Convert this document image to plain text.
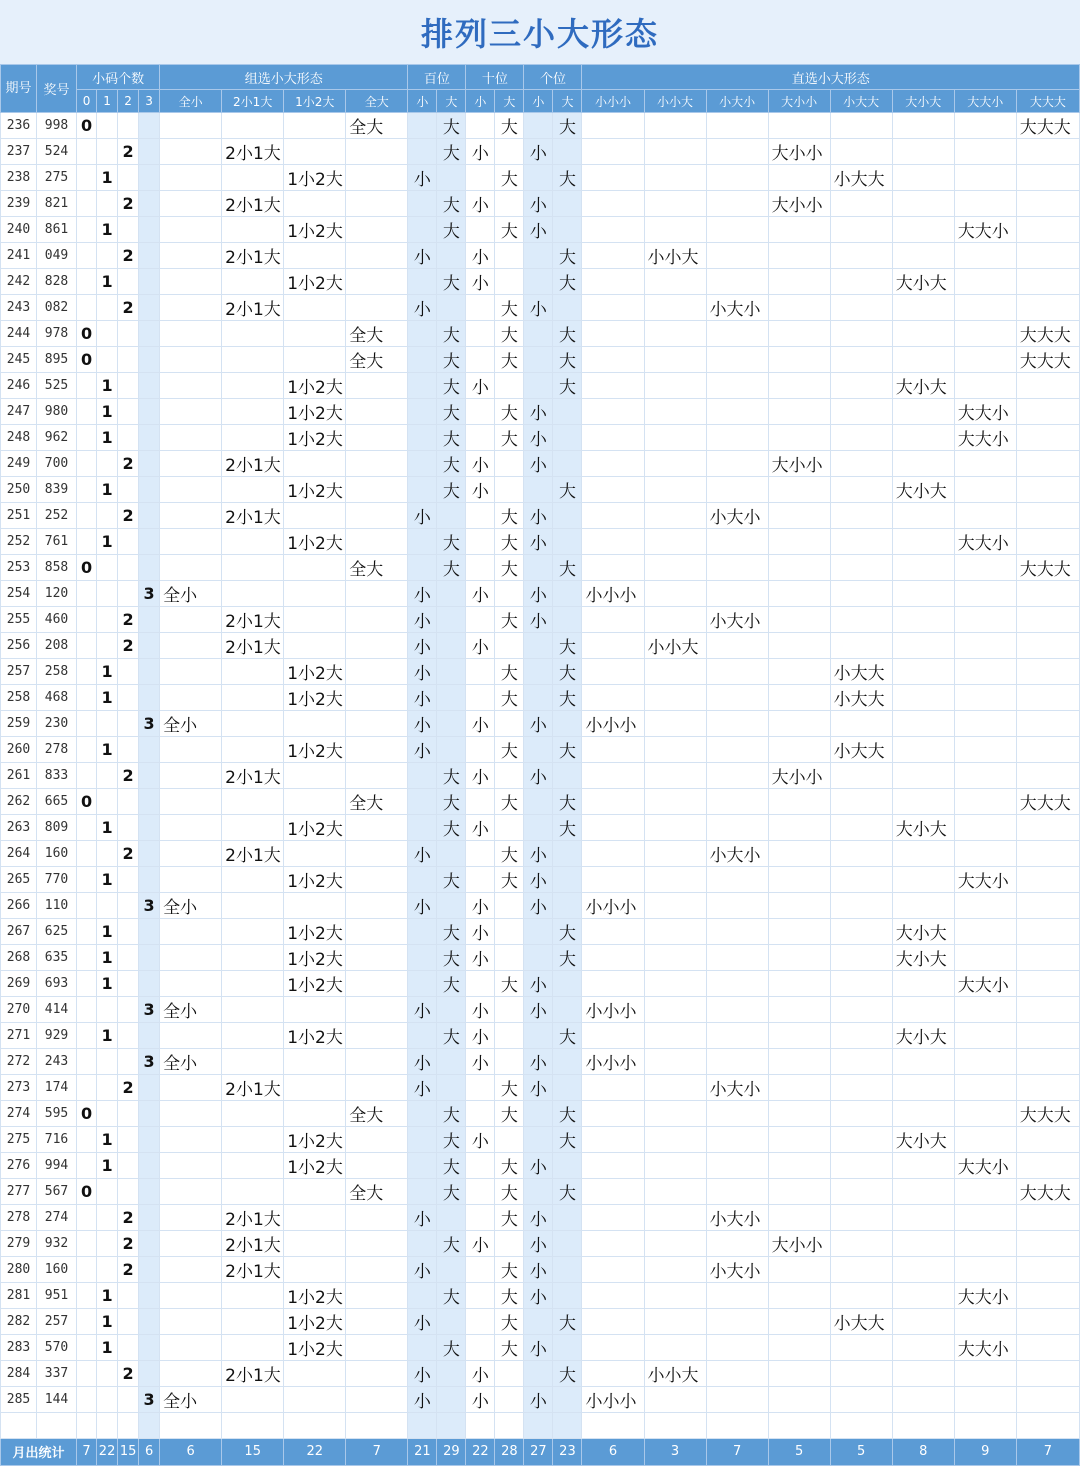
排列三小大形态
期号	奖号	小码个数				组选小大形态				百位		十位		个位		直选小大形态							
		0	1	2	3	全小	2小1大	1小2大	全大	小	大	小	大	小	大	小小小	小小大	小大小	大小小	小大大	大小大	大大小	大大大
236	998	0							全大		大		大		大								大大大
237	524			2			2小1大				大	小		小					大小小				
238	275		1					1小2大		小			大		大					小大大			
239	821			2			2小1大				大	小		小					大小小				
240	861		1					1小2大			大		大	小								大大小	
241	049			2			2小1大			小		小			大		小小大						
242	828		1					1小2大			大	小			大						大小大		
243	082			2			2小1大			小			大	小				小大小					
244	978	0							全大		大		大		大								大大大
245	895	0							全大		大		大		大								大大大
246	525		1					1小2大			大	小			大						大小大		
247	980		1					1小2大			大		大	小								大大小	
248	962		1					1小2大			大		大	小								大大小	
249	700			2			2小1大				大	小		小					大小小				
250	839		1					1小2大			大	小			大						大小大		
251	252			2			2小1大			小			大	小				小大小					
252	761		1					1小2大			大		大	小								大大小	
253	858	0							全大		大		大		大								大大大
254	120				3	全小				小		小		小		小小小							
255	460			2			2小1大			小			大	小				小大小					
256	208			2			2小1大			小		小			大		小小大						
257	258		1					1小2大		小			大		大					小大大			
258	468		1					1小2大		小			大		大					小大大			
259	230				3	全小				小		小		小		小小小							
260	278		1					1小2大		小			大		大					小大大			
261	833			2			2小1大				大	小		小					大小小				
262	665	0							全大		大		大		大								大大大
263	809		1					1小2大			大	小			大						大小大		
264	160			2			2小1大			小			大	小				小大小					
265	770		1					1小2大			大		大	小								大大小	
266	110				3	全小				小		小		小		小小小							
267	625		1					1小2大			大	小			大						大小大		
268	635		1					1小2大			大	小			大						大小大		
269	693		1					1小2大			大		大	小								大大小	
270	414				3	全小				小		小		小		小小小							
271	929		1					1小2大			大	小			大						大小大		
272	243				3	全小				小		小		小		小小小							
273	174			2			2小1大			小			大	小				小大小					
274	595	0							全大		大		大		大								大大大
275	716		1					1小2大			大	小			大						大小大		
276	994		1					1小2大			大		大	小								大大小	
277	567	0							全大		大		大		大								大大大
278	274			2			2小1大			小			大	小				小大小					
279	932			2			2小1大				大	小		小					大小小				
280	160			2			2小1大			小			大	小				小大小					
281	951		1					1小2大			大		大	小								大大小	
282	257		1					1小2大		小			大		大					小大大			
283	570		1					1小2大			大		大	小								大大小	
284	337			2			2小1大			小		小			大		小小大						
285	144				3	全小				小		小		小		小小小							

月出统计		7	22	15	6	6	15	22	7	21	29	22	28	27	23	6	3	7	5	5	8	9	7
